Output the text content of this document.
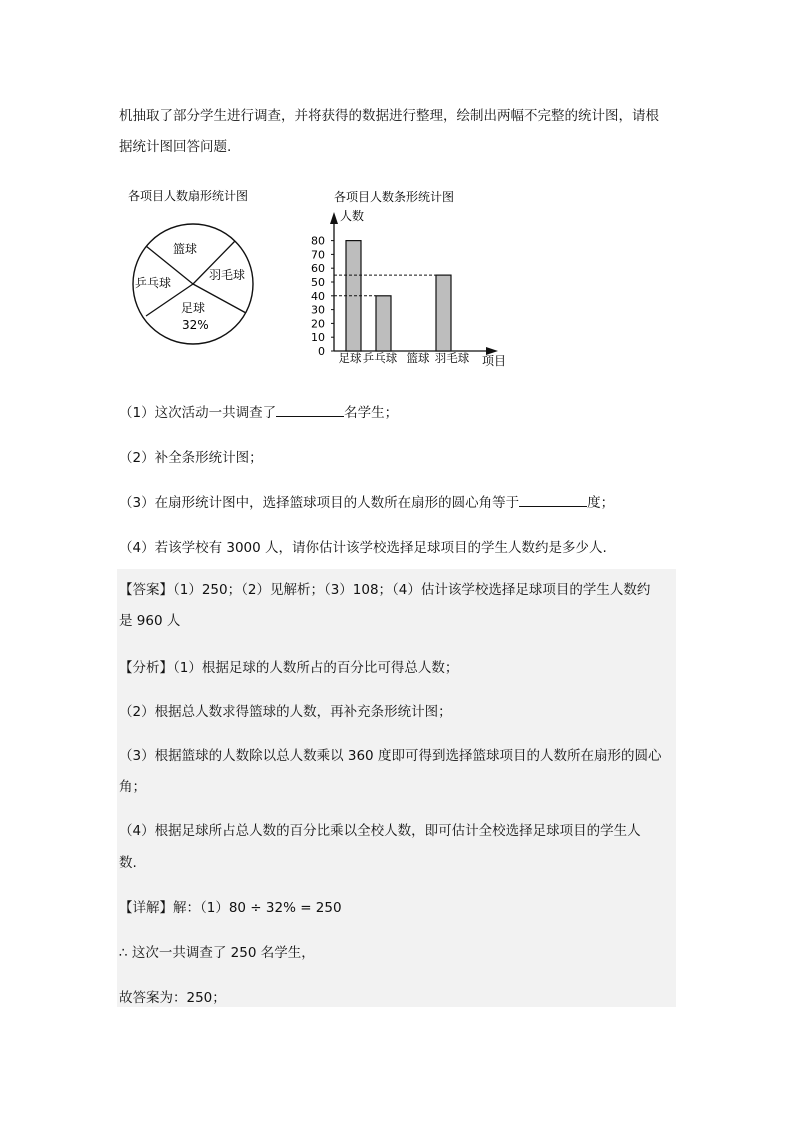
机抽取了部分学生进行调查，并将获得的数据进行整理，绘制出两幅不完整的统计图，请根
据统计图回答问题.
各项目人数扇形统计图
篮球
羽毛球
乒乓球
足球
32%
各项目人数条形统计图
人数
0
10
20
30
40
50
60
70
80
足球 乒乓球 篮球 羽毛球 项目
（1）这次活动一共调查了	名学生；
（2）补全条形统计图；
（3）在扇形统计图中，选择篮球项目的人数所在扇形的圆心角等于	度；
（4）若该学校有 3000 人，请你估计该学校选择足球项目的学生人数约是多少人.
【答案】（1）250；（2）见解析；（3）108；（4）估计该学校选择足球项目的学生人数约
是 960 人
【分析】（1）根据足球的人数所占的百分比可得总人数；
（2）根据总人数求得篮球的人数，再补充条形统计图；
（3）根据篮球的人数除以总人数乘以 360 度即可得到选择篮球项目的人数所在扇形的圆心
角；
（4）根据足球所占总人数的百分比乘以全校人数，即可估计全校选择足球项目的学生人
数.
【详解】解：（1）80 ÷ 32% = 250
∴ 这次一共调查了 250 名学生，
故答案为：250；
